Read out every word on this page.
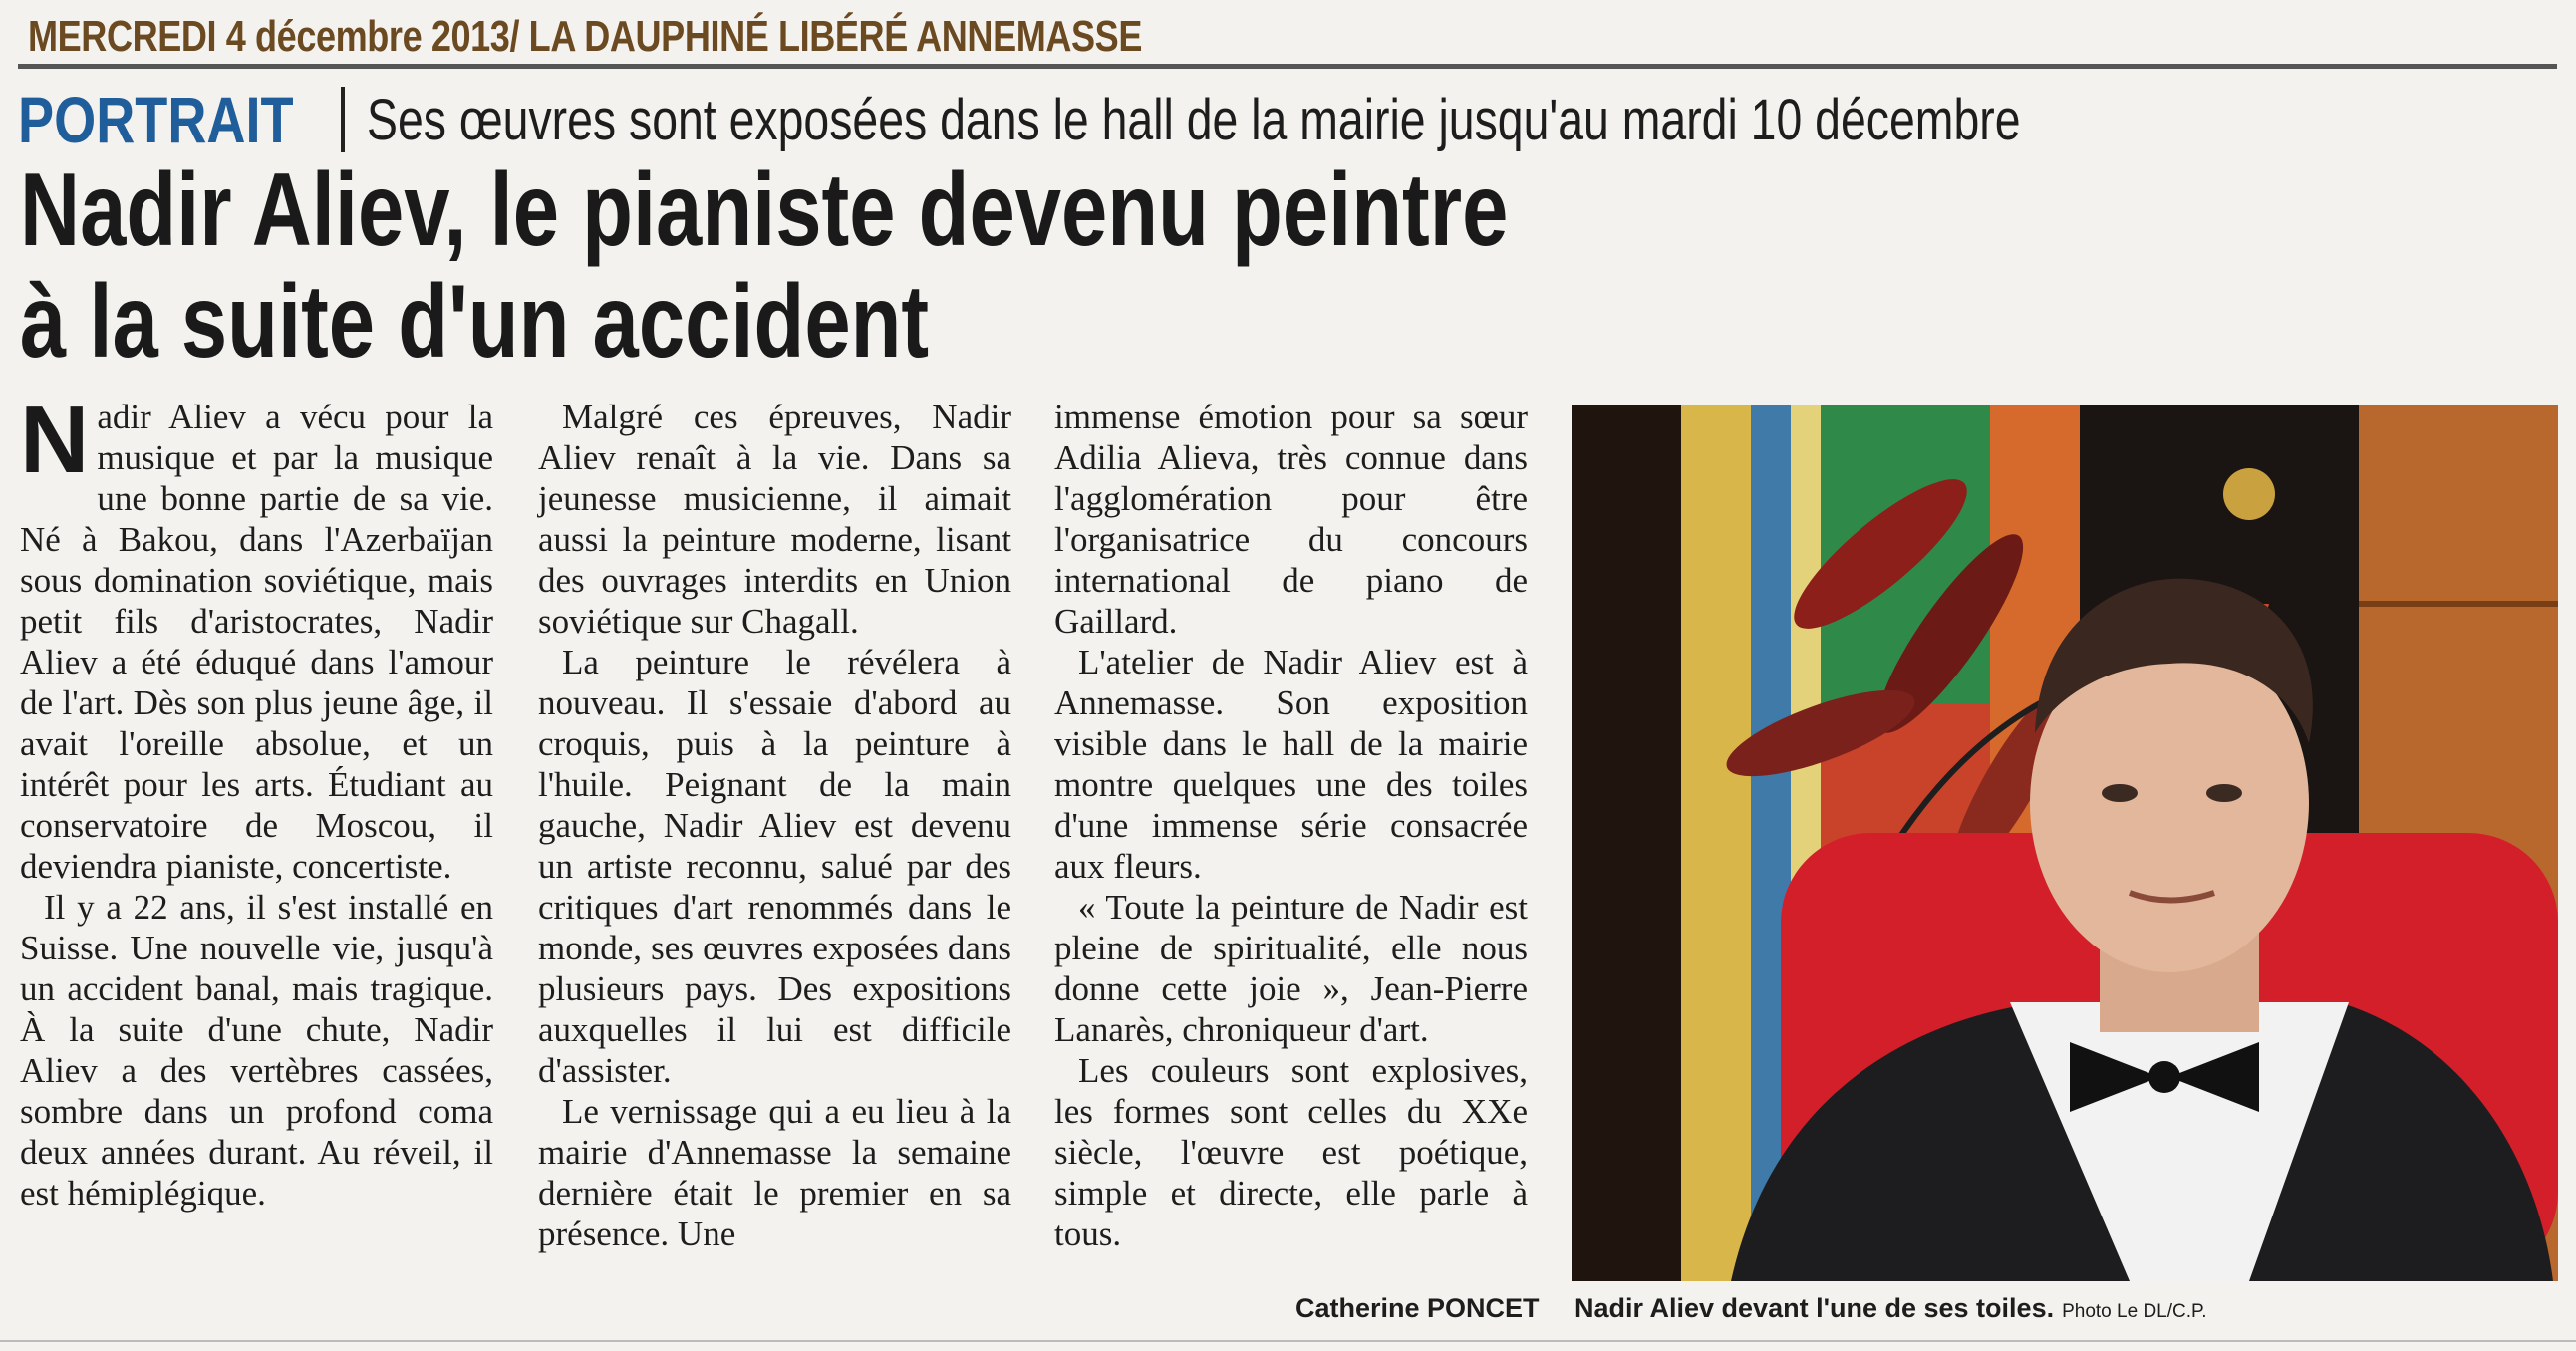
MERCREDI 4 décembre 2013/ LA DAUPHINÉ LIBÉRÉ ANNEMASSE
PORTRAIT Ses œuvres sont exposées dans le hall de la mairie jusqu'au mardi 10 décembre
Nadir Aliev, le pianiste devenu peintre
à la suite d'un accident

Nadir Aliev a vécu pour la musique et par la musique une bonne partie de sa vie. Né à Bakou, dans l'Azerbaïjan sous domination soviétique, mais petit fils d'aristocrates, Nadir Aliev a été éduqué dans l'amour de l'art. Dès son plus jeune âge, il avait l'oreille absolue, et un intérêt pour les arts. Étudiant au conservatoire de Moscou, il deviendra pianiste, concertiste.

Il y a 22 ans, il s'est installé en Suisse. Une nouvelle vie, jusqu'à un accident banal, mais tragique. À la suite d'une chute, Nadir Aliev a des vertèbres cassées, sombre dans un profond coma deux années durant. Au réveil, il est hémiplégique.

Malgré ces épreuves, Nadir Aliev renaît à la vie. Dans sa jeunesse musicienne, il aimait aussi la peinture moderne, lisant des ouvrages interdits en Union soviétique sur Chagall.

La peinture le révélera à nouveau. Il s'essaie d'abord au croquis, puis à la peinture à l'huile. Peignant de la main gauche, Nadir Aliev est devenu un artiste reconnu, salué par des critiques d'art renommés dans le monde, ses œuvres exposées dans plusieurs pays. Des expositions auxquelles il lui est difficile d'assister.

Le vernissage qui a eu lieu à la mairie d'Annemasse la semaine dernière était le premier en sa présence. Une

immense émotion pour sa sœur Adilia Alieva, très connue dans l'agglomération pour être l'organisatrice du concours international de piano de Gaillard.

L'atelier de Nadir Aliev est à Annemasse. Son exposition visible dans le hall de la mairie montre quelques une des toiles d'une immense série consacrée aux fleurs.

« Toute la peinture de Nadir est pleine de spiritualité, elle nous donne cette joie », Jean-Pierre Lanarès, chroniqueur d'art.

Les couleurs sont explosives, les formes sont celles du XXe siècle, l'œuvre est poétique, simple et directe, elle parle à tous.

Catherine PONCET Nadir Aliev devant l'une de ses toiles. Photo Le DL/C.P.
